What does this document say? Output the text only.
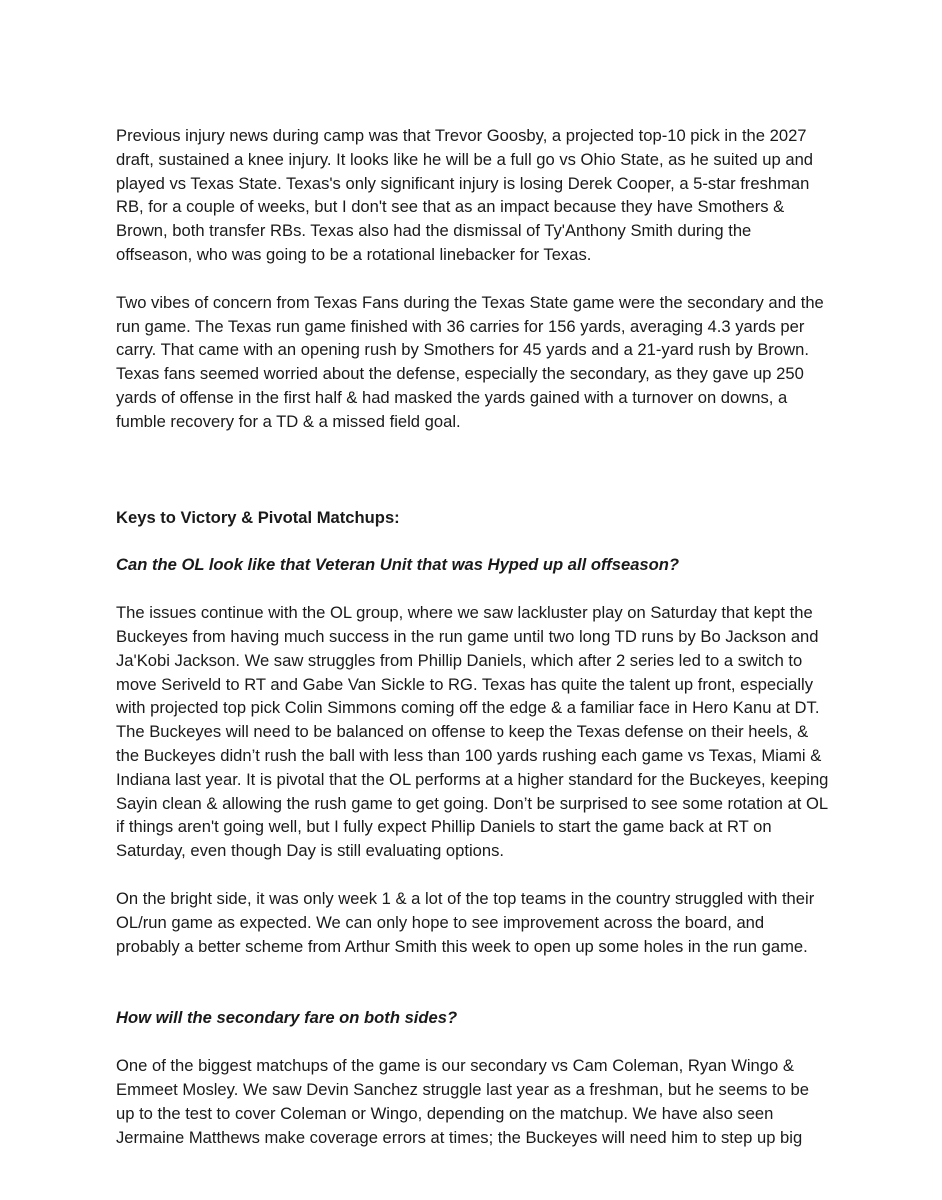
Previous injury news during camp was that Trevor Goosby, a projected top-10 pick in the 2027 draft, sustained a knee injury. It looks like he will be a full go vs Ohio State, as he suited up and played vs Texas State. Texas's only significant injury is losing Derek Cooper, a 5-star freshman RB, for a couple of weeks, but I don't see that as an impact because they have Smothers & Brown, both transfer RBs. Texas also had the dismissal of Ty'Anthony Smith during the offseason, who was going to be a rotational linebacker for Texas.

Two vibes of concern from Texas Fans during the Texas State game were the secondary and the run game. The Texas run game finished with 36 carries for 156 yards, averaging 4.3 yards per carry. That came with an opening rush by Smothers for 45 yards and a 21-yard rush by Brown. Texas fans seemed worried about the defense, especially the secondary, as they gave up 250 yards of offense in the first half & had masked the yards gained with a turnover on downs, a fumble recovery for a TD & a missed field goal.

Keys to Victory & Pivotal Matchups:

Can the OL look like that Veteran Unit that was Hyped up all offseason?

The issues continue with the OL group, where we saw lackluster play on Saturday that kept the Buckeyes from having much success in the run game until two long TD runs by Bo Jackson and Ja'Kobi Jackson. We saw struggles from Phillip Daniels, which after 2 series led to a switch to move Seriveld to RT and Gabe Van Sickle to RG. Texas has quite the talent up front, especially with projected top pick Colin Simmons coming off the edge & a familiar face in Hero Kanu at DT. The Buckeyes will need to be balanced on offense to keep the Texas defense on their heels, & the Buckeyes didn’t rush the ball with less than 100 yards rushing each game vs Texas, Miami & Indiana last year. It is pivotal that the OL performs at a higher standard for the Buckeyes, keeping Sayin clean & allowing the rush game to get going. Don’t be surprised to see some rotation at OL if things aren't going well, but I fully expect Phillip Daniels to start the game back at RT on Saturday, even though Day is still evaluating options.

On the bright side, it was only week 1 & a lot of the top teams in the country struggled with their OL/run game as expected. We can only hope to see improvement across the board, and probably a better scheme from Arthur Smith this week to open up some holes in the run game.

How will the secondary fare on both sides?

One of the biggest matchups of the game is our secondary vs Cam Coleman, Ryan Wingo & Emmeet Mosley. We saw Devin Sanchez struggle last year as a freshman, but he seems to be up to the test to cover Coleman or Wingo, depending on the matchup. We have also seen Jermaine Matthews make coverage errors at times; the Buckeyes will need him to step up big
